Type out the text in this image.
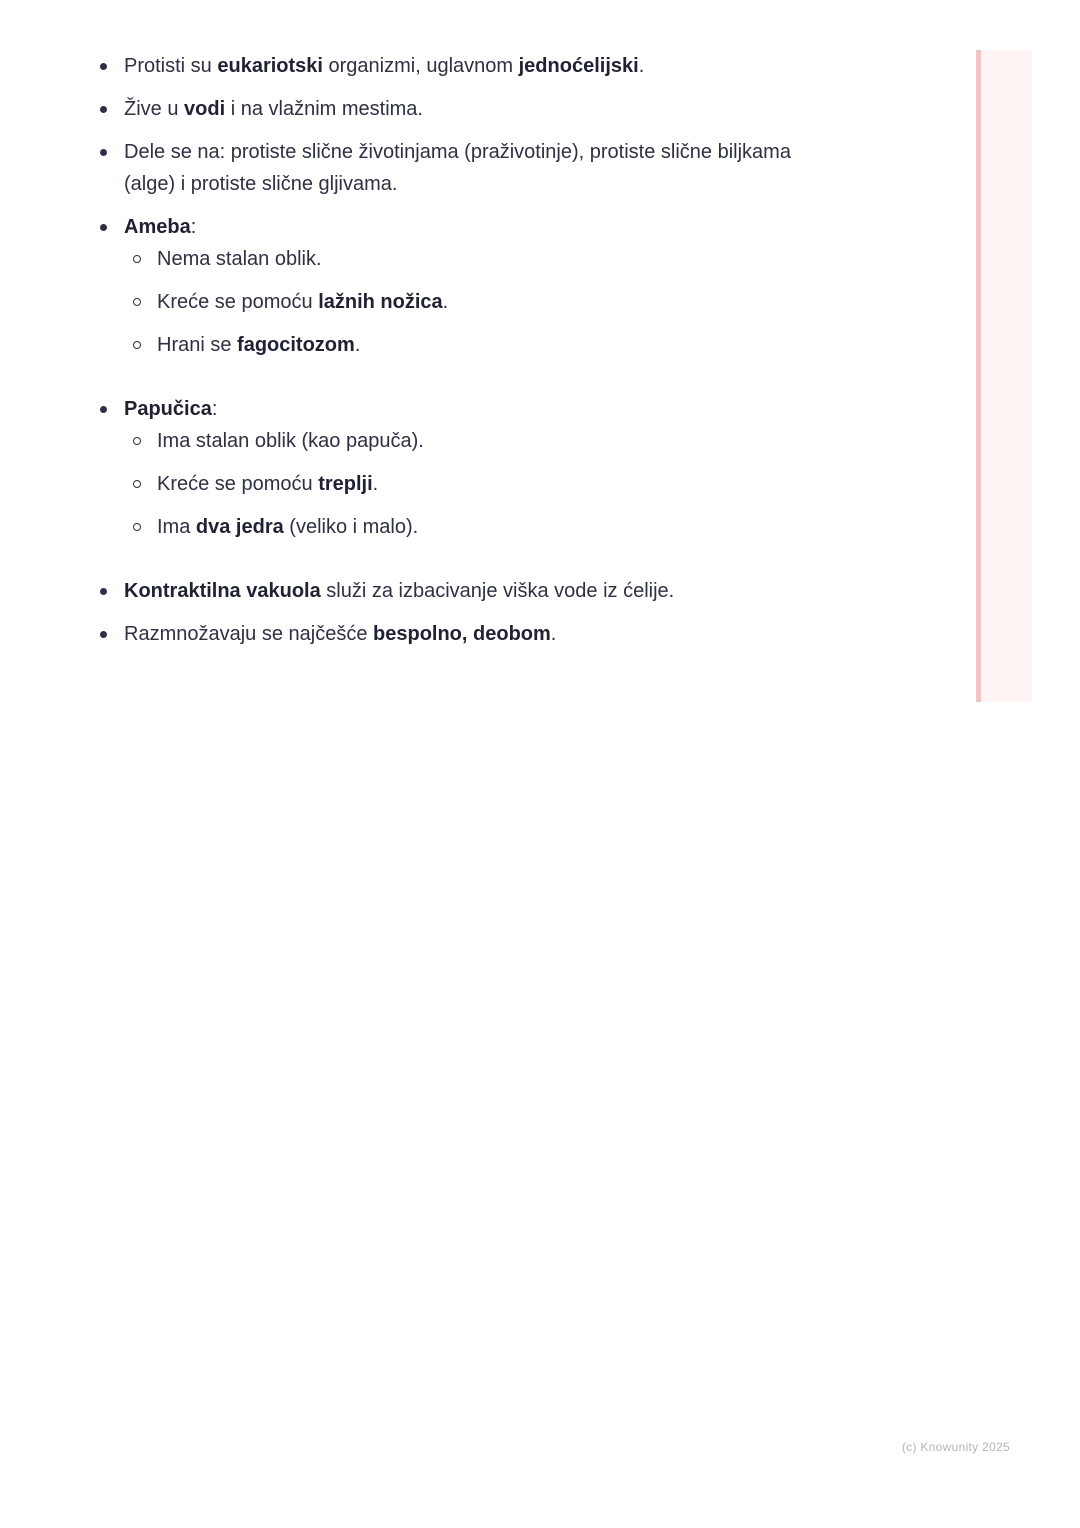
Protisti su eukariotski organizmi, uglavnom jednoćelijski.
Žive u vodi i na vlažnim mestima.
Dele se na: protiste slične životinjama (praživotinje), protiste slične biljkama (alge) i protiste slične gljivama.
Ameba:
Nema stalan oblik.
Kreće se pomoću lažnih nožica.
Hrani se fagocitozom.
Papučica:
Ima stalan oblik (kao papuča).
Kreće se pomoću treplji.
Ima dva jedra (veliko i malo).
Kontraktilna vakuola služi za izbacivanje viška vode iz ćelije.
Razmnožavaju se najčešće bespolno, deobom.
(c) Knowunity 2025
